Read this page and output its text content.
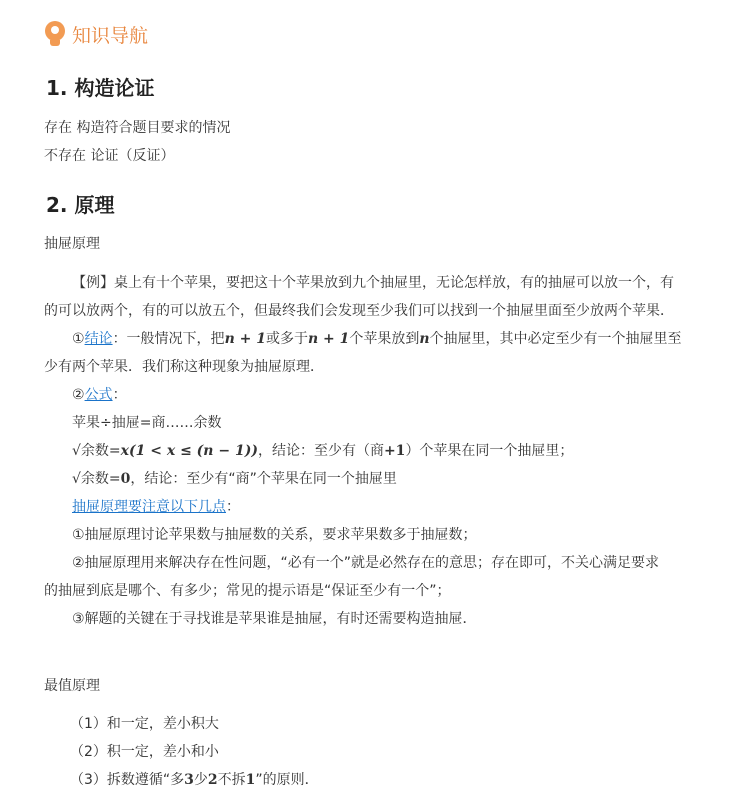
知识导航
1. 构造论证
存在 构造符合题目要求的情况
不存在 论证（反证）
2. 原理
抽屉原理
【例】桌上有十个苹果，要把这十个苹果放到九个抽屉里，无论怎样放，有的抽屉可以放一个，有
的可以放两个，有的可以放五个，但最终我们会发现至少我们可以找到一个抽屉里面至少放两个苹果．
①结论：一般情况下，把n + 1或多于n + 1个苹果放到n个抽屉里，其中必定至少有一个抽屉里至
少有两个苹果．我们称这种现象为抽屉原理．
②公式：
苹果÷抽屉=商……余数
√余数=x(1 < x ≤ (n − 1))，结论：至少有（商+1）个苹果在同一个抽屉里；
√余数=0，结论：至少有“商”个苹果在同一个抽屉里
抽屉原理要注意以下几点：
①抽屉原理讨论苹果数与抽屉数的关系，要求苹果数多于抽屉数；
②抽屉原理用来解决存在性问题，“必有一个”就是必然存在的意思；存在即可，不关心满足要求
的抽屉到底是哪个、有多少；常见的提示语是“保证至少有一个”；
③解题的关键在于寻找谁是苹果谁是抽屉，有时还需要构造抽屉．
最值原理
（1）和一定，差小积大
（2）积一定，差小和小
（3）拆数遵循“多3少2不拆1”的原则．
